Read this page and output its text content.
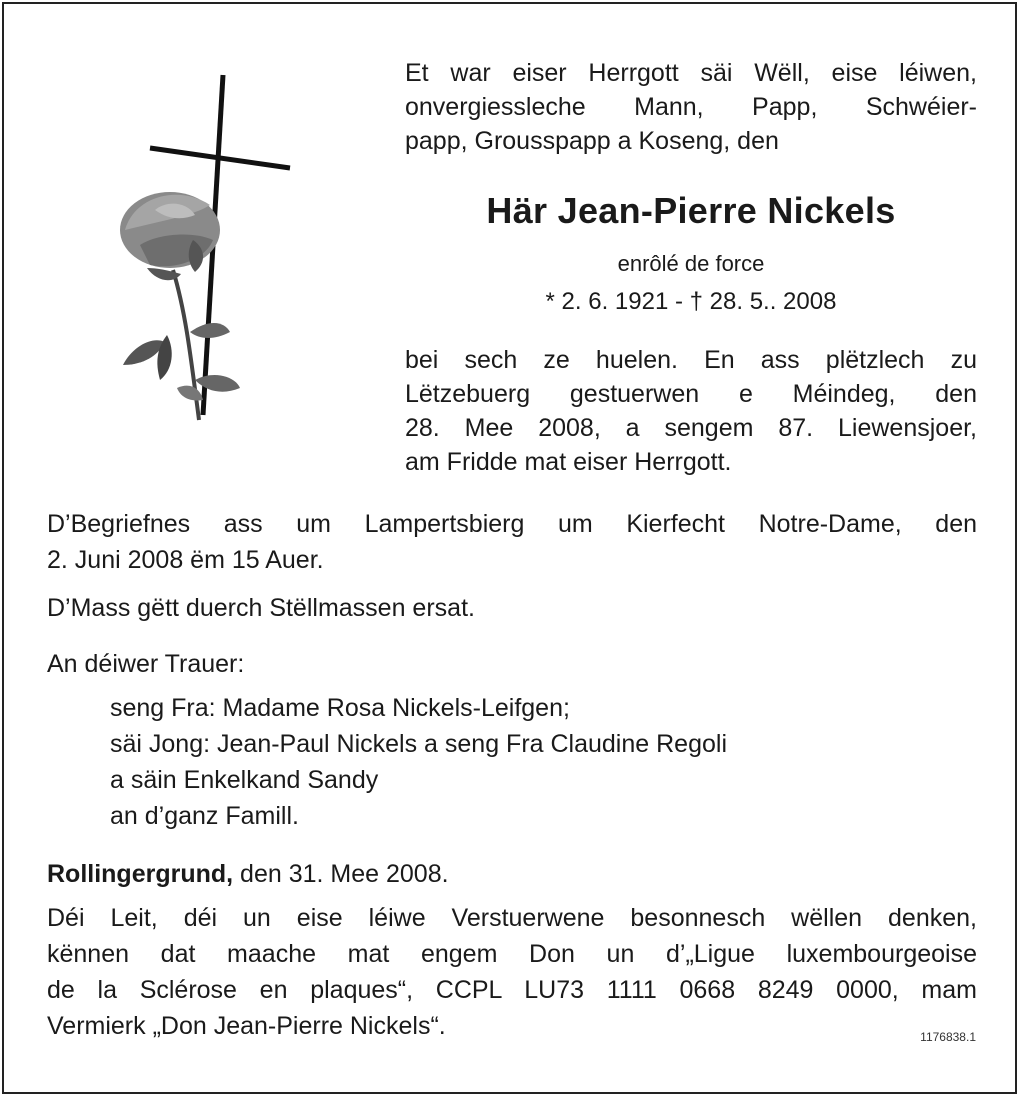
Et war eiser Herrgott säi Wëll, eise léiwen,
onvergiessleche Mann, Papp, Schwéier-
papp, Grousspapp a Koseng, den
Här Jean-Pierre Nickels
enrôlé de force
* 2. 6. 1921 - † 28. 5.. 2008
bei sech ze huelen. En ass plëtzlech zu
Lëtzebuerg gestuerwen e Méindeg, den
28. Mee 2008, a sengem 87. Liewensjoer,
am Fridde mat eiser Herrgott.
D’Begriefnes ass um Lampertsbierg um Kierfecht Notre-Dame, den
2. Juni 2008 ëm 15 Auer.
D’Mass gëtt duerch Stëllmassen ersat.
An déiwer Trauer:
seng Fra: Madame Rosa Nickels-Leifgen;
säi Jong: Jean-Paul Nickels a seng Fra Claudine Regoli
a säin Enkelkand Sandy
an d’ganz Famill.
Rollingergrund, den 31. Mee 2008.
Déi Leit, déi un eise léiwe Verstuerwene besonnesch wëllen denken,
kënnen dat maache mat engem Don un d’„Ligue luxembourgeoise
de la Sclérose en plaques“, CCPL LU73 1111 0668 8249 0000, mam
Vermierk „Don Jean-Pierre Nickels“.	1176838.1
